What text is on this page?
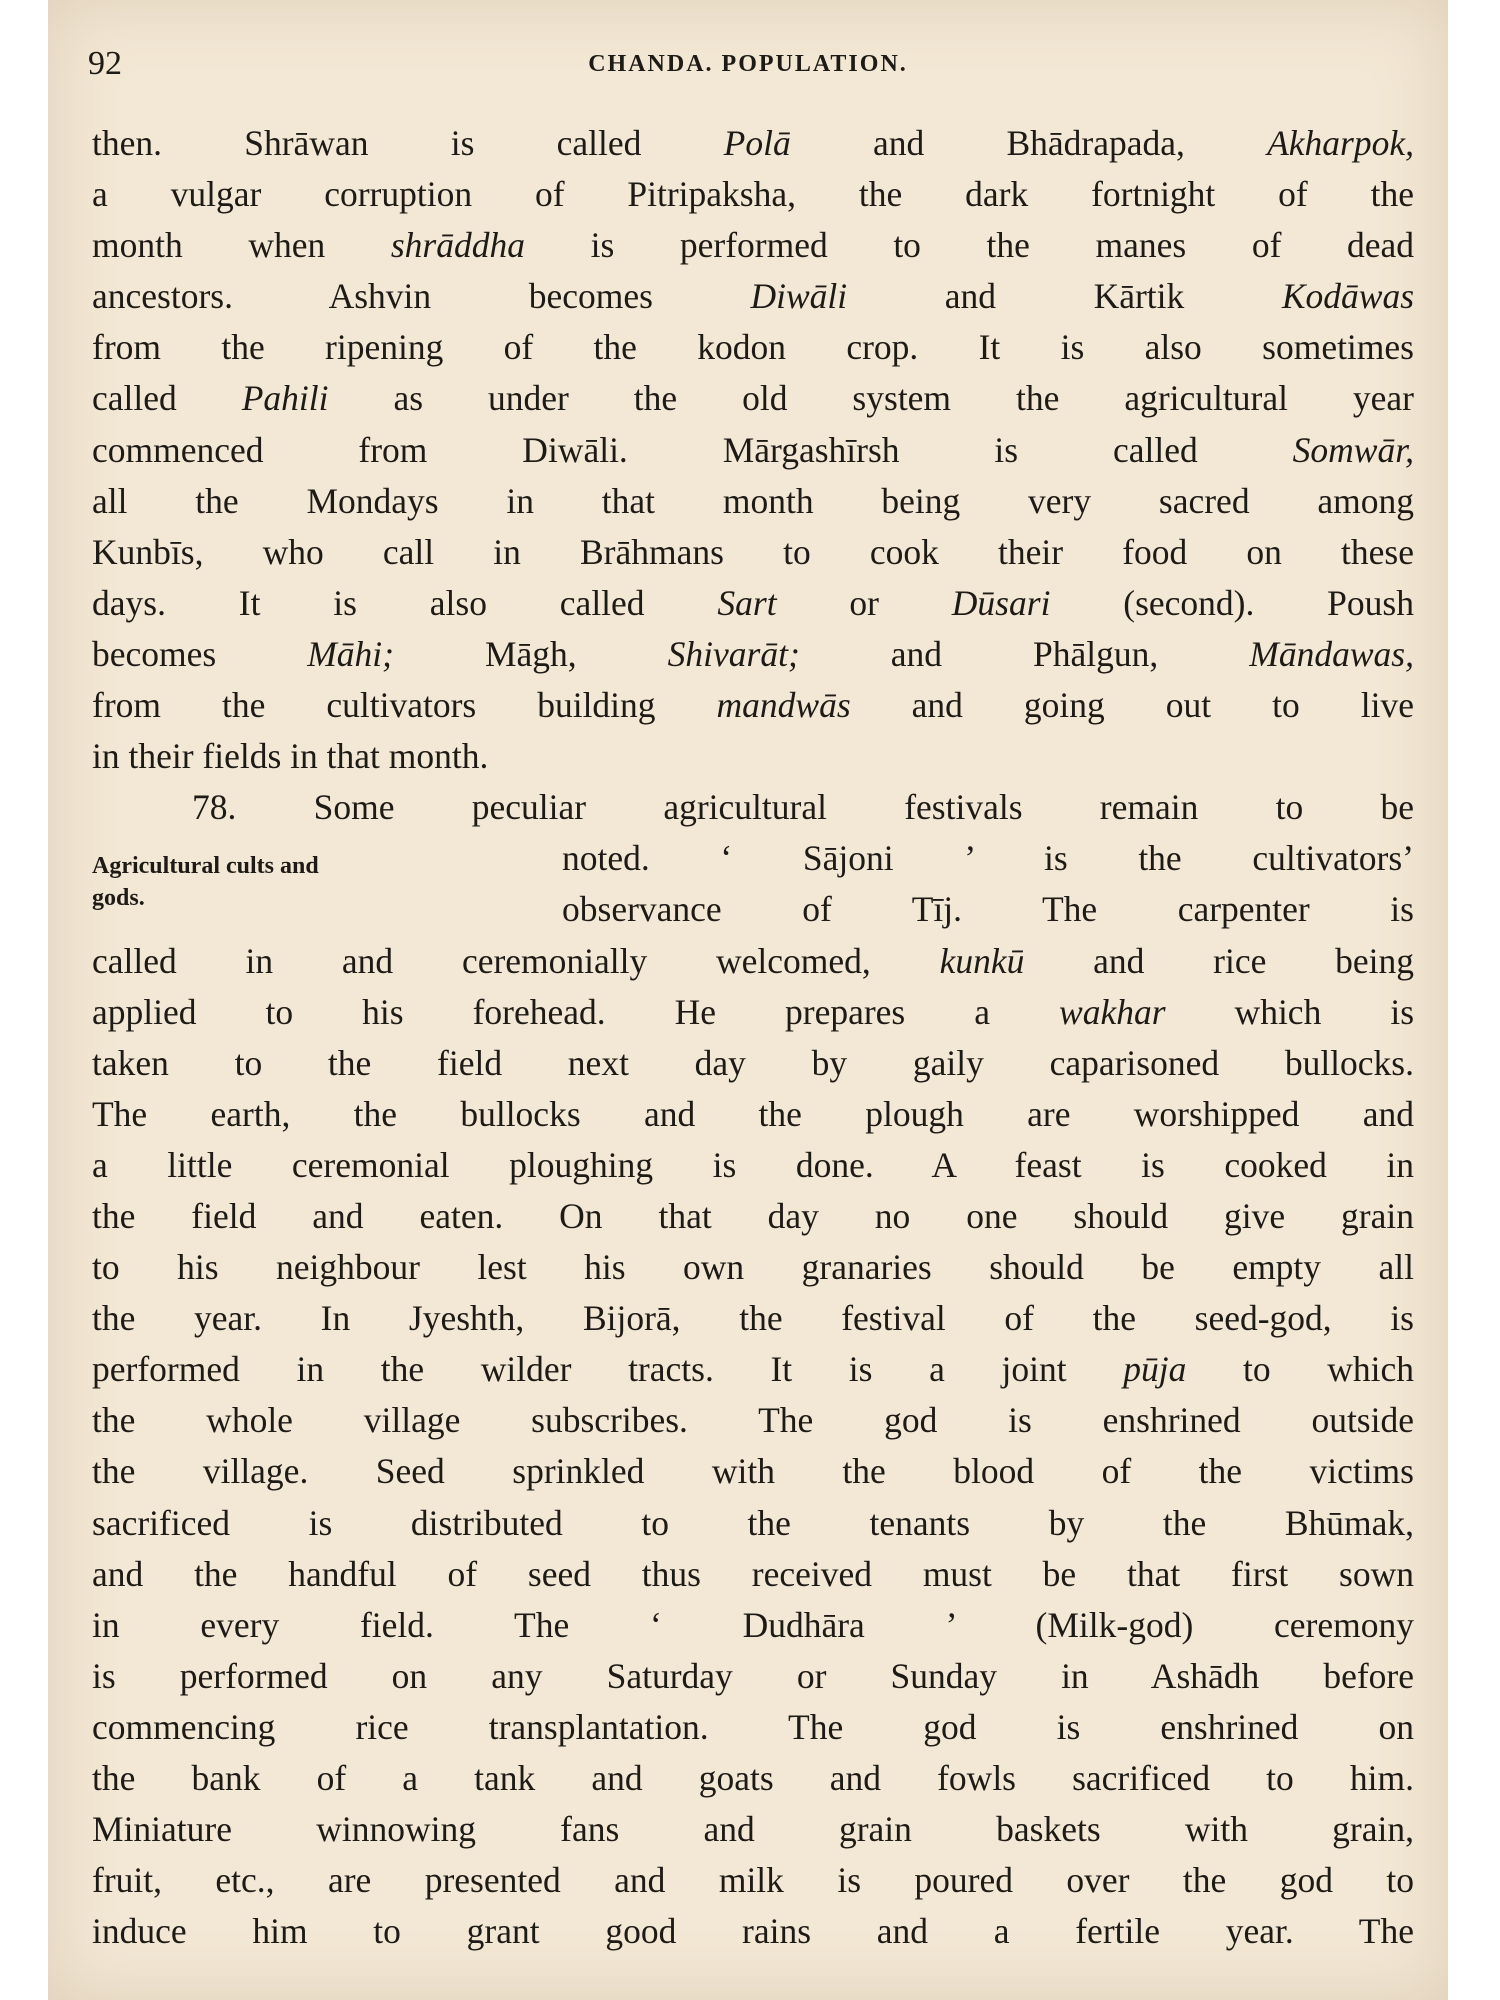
92	CHANDA. POPULATION.
Agricultural cults and
gods.
then. Shrāwan is called Polā and Bhādrapada, Akharpok,
a vulgar corruption of Pitripaksha, the dark fortnight of the
month when shrāddha is performed to the manes of dead
ancestors. Ashvin becomes Diwāli and Kārtik Kodāwas
from the ripening of the kodon crop. It is also sometimes
called Pahili as under the old system the agricultural year
commenced from Diwāli. Mārgashīrsh is called Somwār,
all the Mondays in that month being very sacred among
Kunbīs, who call in Brāhmans to cook their food on these
days. It is also called Sart or Dūsari (second). Poush
becomes Māhi; Māgh, Shivarāt; and Phālgun, Māndawas,
from the cultivators building mandwās and going out to live
in their fields in that month.
78. Some peculiar agricultural festivals remain to be
noted. ‘ Sājoni ’ is the cultivators’
observance of Tīj. The carpenter is
called in and ceremonially welcomed, kunkū and rice being
applied to his forehead. He prepares a wakhar which is
taken to the field next day by gaily caparisoned bullocks.
The earth, the bullocks and the plough are worshipped and
a little ceremonial ploughing is done. A feast is cooked in
the field and eaten. On that day no one should give grain
to his neighbour lest his own granaries should be empty all
the year. In Jyeshth, Bijorā, the festival of the seed-god, is
performed in the wilder tracts. It is a joint pūja to which
the whole village subscribes. The god is enshrined outside
the village. Seed sprinkled with the blood of the victims
sacrificed is distributed to the tenants by the Bhūmak,
and the handful of seed thus received must be that first sown
in every field. The ‘ Dudhāra ’ (Milk-god) ceremony
is performed on any Saturday or Sunday in Ashādh before
commencing rice transplantation. The god is enshrined on
the bank of a tank and goats and fowls sacrificed to him.
Miniature winnowing fans and grain baskets with grain,
fruit, etc., are presented and milk is poured over the god to
induce him to grant good rains and a fertile year. The
